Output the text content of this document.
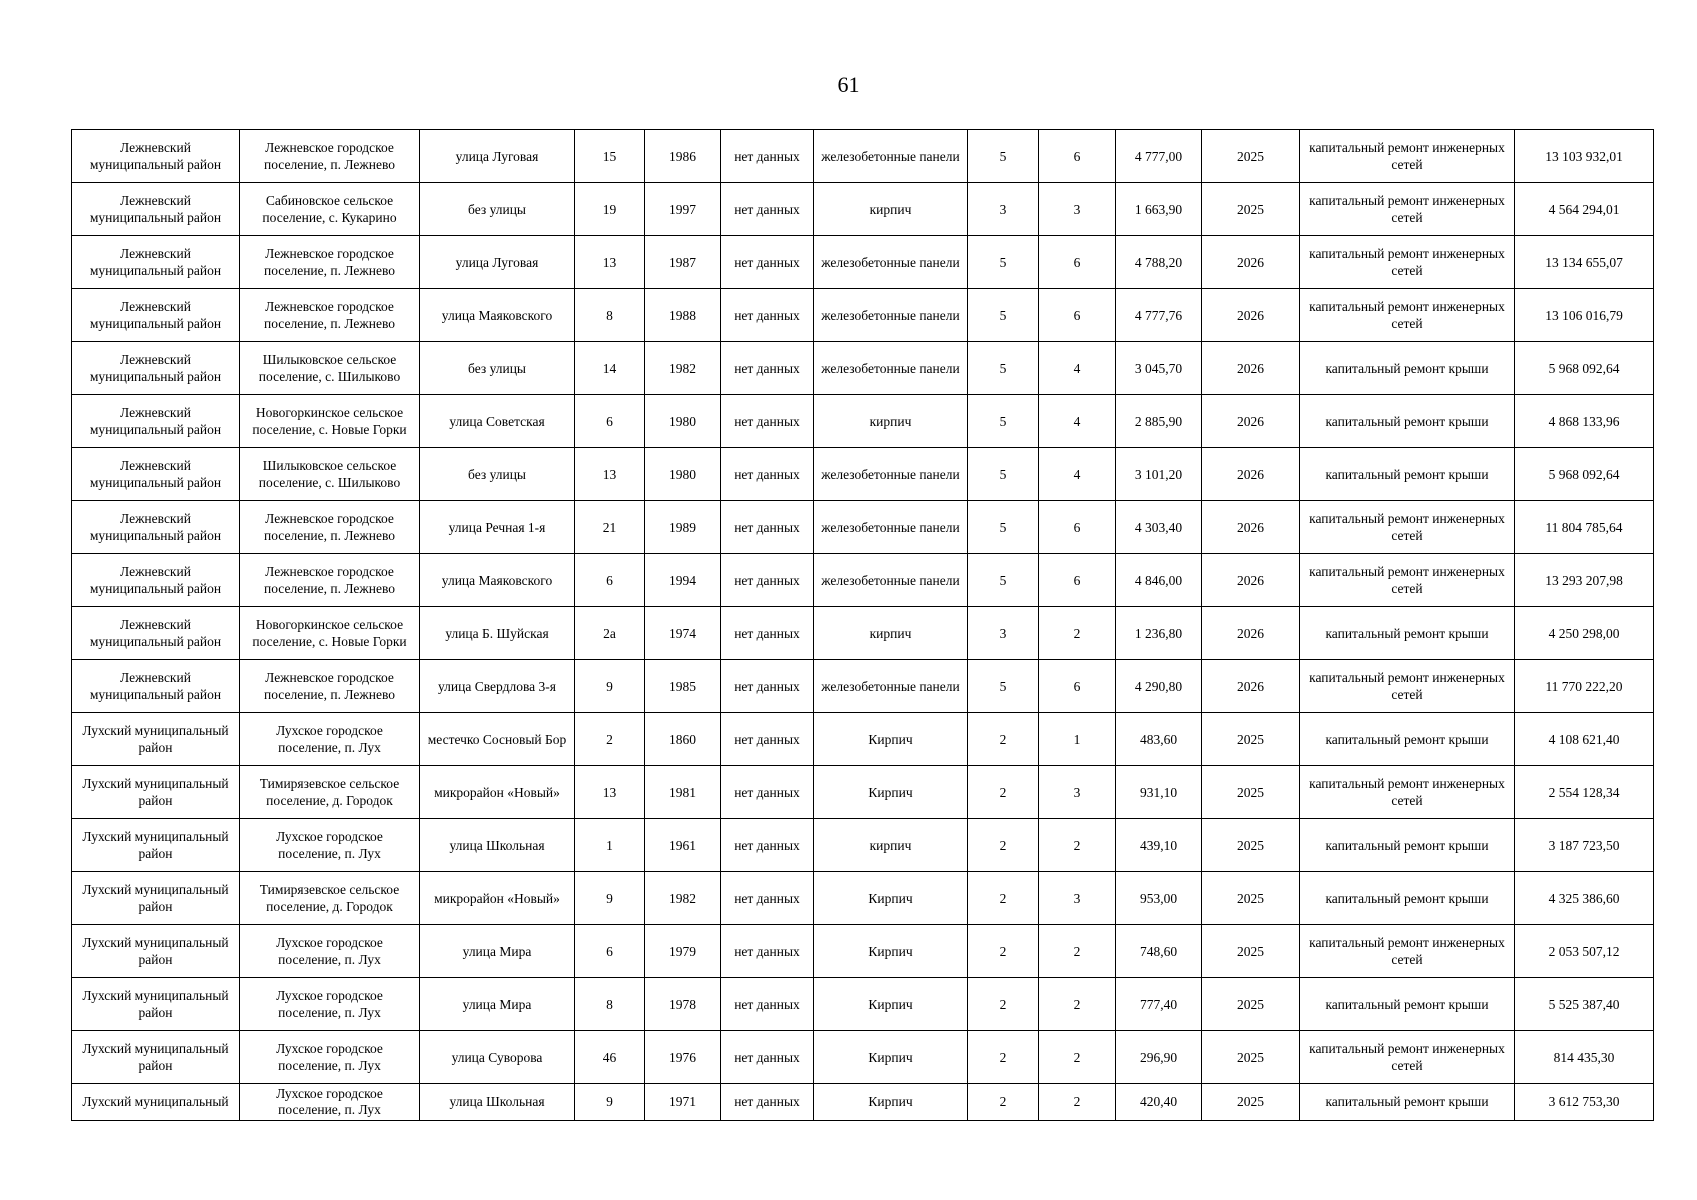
61
Лежневский муниципальный район	Лежневское городское поселение, п. Лежнево	улица Луговая	15	1986	нет данных	железобетонные панели	5	6	4 777,00	2025	капитальный ремонт инженерных сетей	13 103 932,01
Лежневский муниципальный район	Сабиновское сельское поселение, с. Кукарино	без улицы	19	1997	нет данных	кирпич	3	3	1 663,90	2025	капитальный ремонт инженерных сетей	4 564 294,01
Лежневский муниципальный район	Лежневское городское поселение, п. Лежнево	улица Луговая	13	1987	нет данных	железобетонные панели	5	6	4 788,20	2026	капитальный ремонт инженерных сетей	13 134 655,07
Лежневский муниципальный район	Лежневское городское поселение, п. Лежнево	улица Маяковского	8	1988	нет данных	железобетонные панели	5	6	4 777,76	2026	капитальный ремонт инженерных сетей	13 106 016,79
Лежневский муниципальный район	Шилыковское сельское поселение, с. Шилыково	без улицы	14	1982	нет данных	железобетонные панели	5	4	3 045,70	2026	капитальный ремонт крыши	5 968 092,64
Лежневский муниципальный район	Новогоркинское сельское поселение, с. Новые Горки	улица Советская	6	1980	нет данных	кирпич	5	4	2 885,90	2026	капитальный ремонт крыши	4 868 133,96
Лежневский муниципальный район	Шилыковское сельское поселение, с. Шилыково	без улицы	13	1980	нет данных	железобетонные панели	5	4	3 101,20	2026	капитальный ремонт крыши	5 968 092,64
Лежневский муниципальный район	Лежневское городское поселение, п. Лежнево	улица Речная 1-я	21	1989	нет данных	железобетонные панели	5	6	4 303,40	2026	капитальный ремонт инженерных сетей	11 804 785,64
Лежневский муниципальный район	Лежневское городское поселение, п. Лежнево	улица Маяковского	6	1994	нет данных	железобетонные панели	5	6	4 846,00	2026	капитальный ремонт инженерных сетей	13 293 207,98
Лежневский муниципальный район	Новогоркинское сельское поселение, с. Новые Горки	улица Б. Шуйская	2а	1974	нет данных	кирпич	3	2	1 236,80	2026	капитальный ремонт крыши	4 250 298,00
Лежневский муниципальный район	Лежневское городское поселение, п. Лежнево	улица Свердлова 3-я	9	1985	нет данных	железобетонные панели	5	6	4 290,80	2026	капитальный ремонт инженерных сетей	11 770 222,20
Лухский муниципальный район	Лухское городское поселение, п. Лух	местечко Сосновый Бор	2	1860	нет данных	Кирпич	2	1	483,60	2025	капитальный ремонт крыши	4 108 621,40
Лухский муниципальный район	Тимирязевское сельское поселение, д. Городок	микрорайон «Новый»	13	1981	нет данных	Кирпич	2	3	931,10	2025	капитальный ремонт инженерных сетей	2 554 128,34
Лухский муниципальный район	Лухское городское поселение, п. Лух	улица Школьная	1	1961	нет данных	кирпич	2	2	439,10	2025	капитальный ремонт крыши	3 187 723,50
Лухский муниципальный район	Тимирязевское сельское поселение, д. Городок	микрорайон «Новый»	9	1982	нет данных	Кирпич	2	3	953,00	2025	капитальный ремонт крыши	4 325 386,60
Лухский муниципальный район	Лухское городское поселение, п. Лух	улица Мира	6	1979	нет данных	Кирпич	2	2	748,60	2025	капитальный ремонт инженерных сетей	2 053 507,12
Лухский муниципальный район	Лухское городское поселение, п. Лух	улица Мира	8	1978	нет данных	Кирпич	2	2	777,40	2025	капитальный ремонт крыши	5 525 387,40
Лухский муниципальный район	Лухское городское поселение, п. Лух	улица Суворова	46	1976	нет данных	Кирпич	2	2	296,90	2025	капитальный ремонт инженерных сетей	814 435,30
Лухский муниципальный	Лухское городское поселение, п. Лух	улица Школьная	9	1971	нет данных	Кирпич	2	2	420,40	2025	капитальный ремонт крыши	3 612 753,30
